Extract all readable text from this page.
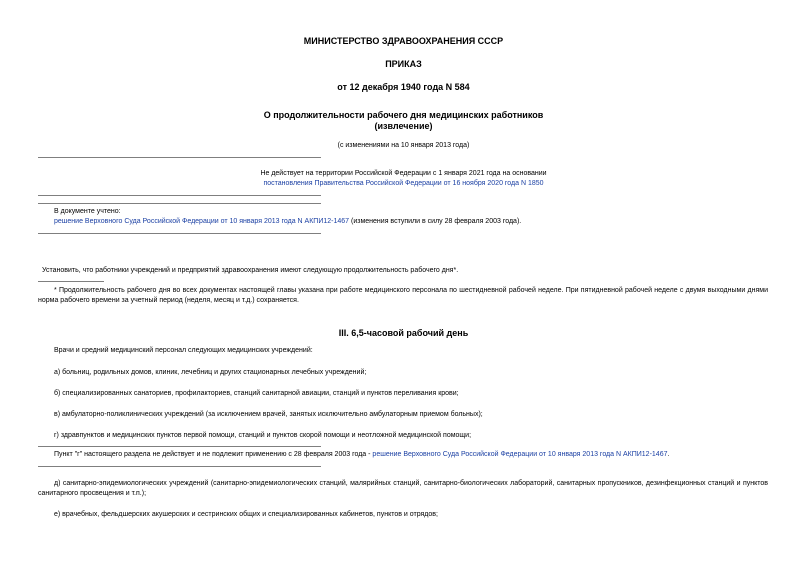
МИНИСТЕРСТВО ЗДРАВООХРАНЕНИЯ СССР
ПРИКАЗ
от 12 декабря 1940 года N 584
О продолжительности рабочего дня медицинских работников
(извлечение)
(с изменениями на 10 января 2013 года)
Не действует на территории Российской Федерации с 1 января 2021 года на основании
постановления Правительства Российской Федерации от 16 ноября 2020 года N 1850
В документе учтено:
решение Верховного Суда Российской Федерации от 10 января 2013 года N АКПИ12-1467 (изменения вступили в силу 28 февраля 2003 года).
Установить, что работники учреждений и предприятий здравоохранения имеют следующую продолжительность рабочего дня*.
* Продолжительность рабочего дня во всех документах настоящей главы указана при работе медицинского персонала по шестидневной рабочей неделе. При пятидневной рабочей неделе с двумя выходными днями норма рабочего времени за учетный период (неделя, месяц и т.д.) сохраняется.
III. 6,5-часовой рабочий день
Врачи и средний медицинский персонал следующих медицинских учреждений:
а) больниц, родильных домов, клиник, лечебниц и других стационарных лечебных учреждений;
б) специализированных санаториев, профилакториев, станций санитарной авиации, станций и пунктов переливания крови;
в) амбулаторно-поликлинических учреждений (за исключением врачей, занятых исключительно амбулаторным приемом больных);
г) здравпунктов и медицинских пунктов первой помощи, станций и пунктов скорой помощи и неотложной медицинской помощи;
Пункт "г" настоящего раздела не действует и не подлежит применению с 28 февраля 2003 года - решение Верховного Суда Российской Федерации от 10 января 2013 года N АКПИ12-1467.
д) санитарно-эпидемиологических учреждений (санитарно-эпидемиологических станций, малярийных станций, санитарно-биологических лабораторий, санитарных пропускников, дезинфекционных станций и пунктов санитарного просвещения и т.п.);
е) врачебных, фельдшерских акушерских и сестринских общих и специализированных кабинетов, пунктов и отрядов;
